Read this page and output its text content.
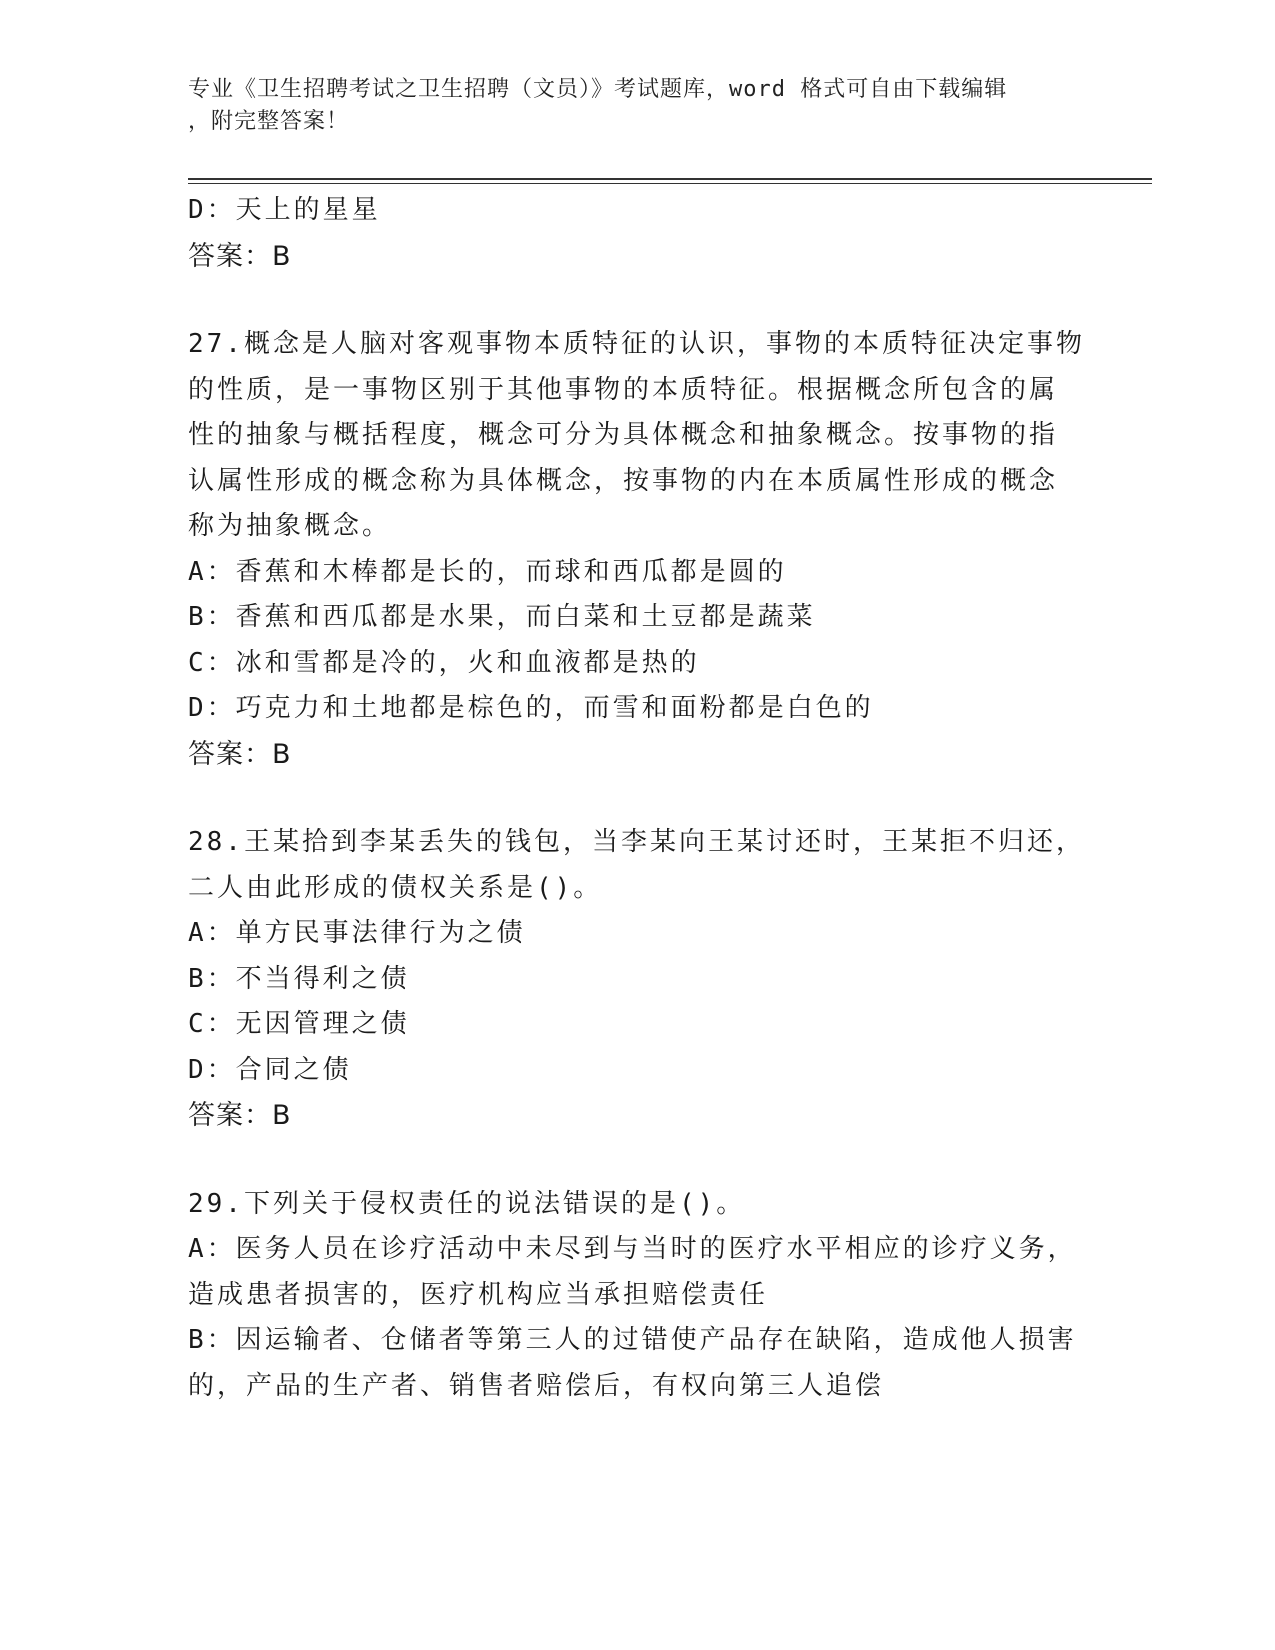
专业《卫生招聘考试之卫生招聘（文员）》考试题库，word 格式可自由下载编辑
，附完整答案！
D：天上的星星
答案：B
27.概念是人脑对客观事物本质特征的认识，事物的本质特征决定事物
的性质，是一事物区别于其他事物的本质特征。根据概念所包含的属
性的抽象与概括程度，概念可分为具体概念和抽象概念。按事物的指
认属性形成的概念称为具体概念，按事物的内在本质属性形成的概念
称为抽象概念。
A：香蕉和木棒都是长的，而球和西瓜都是圆的
B：香蕉和西瓜都是水果，而白菜和土豆都是蔬菜
C：冰和雪都是冷的，火和血液都是热的
D：巧克力和土地都是棕色的，而雪和面粉都是白色的
答案：B
28.王某拾到李某丢失的钱包，当李某向王某讨还时，王某拒不归还，
二人由此形成的债权关系是()。
A：单方民事法律行为之债
B：不当得利之债
C：无因管理之债
D：合同之债
答案：B
29.下列关于侵权责任的说法错误的是()。
A：医务人员在诊疗活动中未尽到与当时的医疗水平相应的诊疗义务，
造成患者损害的，医疗机构应当承担赔偿责任
B：因运输者、仓储者等第三人的过错使产品存在缺陷，造成他人损害
的，产品的生产者、销售者赔偿后，有权向第三人追偿
